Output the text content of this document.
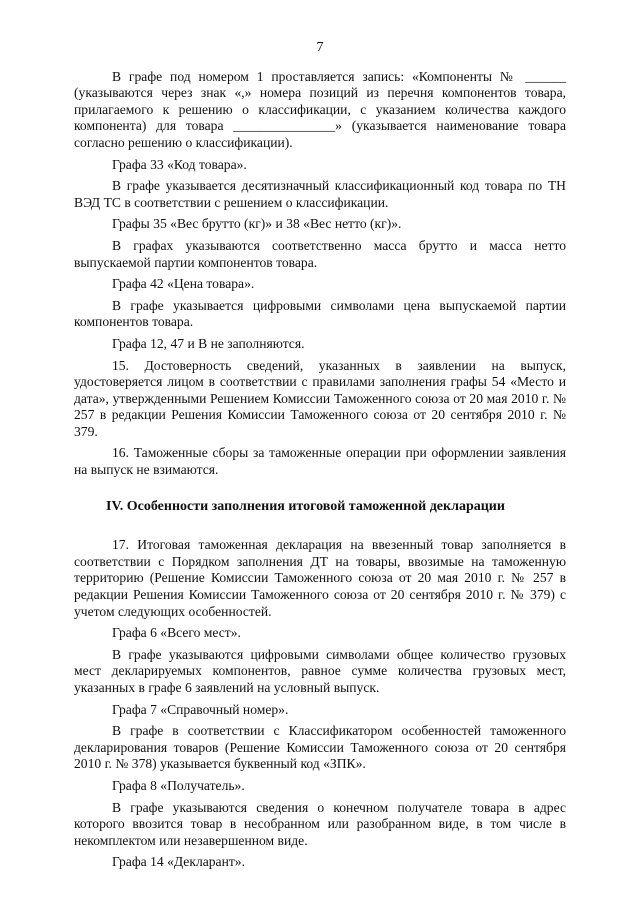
7

В графе под номером 1 проставляется запись: «Компоненты № ______ (указываются через знак «,» номера позиций из перечня компонентов товара, прилагаемого к решению о классификации, с указанием количества каждого компонента) для товара _______________» (указывается наименование товара согласно решению о классификации).

Графа 33 «Код товара».

В графе указывается десятизначный классификационный код товара по ТН ВЭД ТС в соответствии с решением о классификации.

Графы 35 «Вес брутто (кг)» и 38 «Вес нетто (кг)».

В графах указываются соответственно масса брутто и масса нетто выпускаемой партии компонентов товара.

Графа 42 «Цена товара».

В графе указывается цифровыми символами цена выпускаемой партии компонентов товара.

Графа 12, 47 и В не заполняются.

15. Достоверность сведений, указанных в заявлении на выпуск, удостоверяется лицом в соответствии с правилами заполнения графы 54 «Место и дата», утвержденными Решением Комиссии Таможенного союза от 20 мая 2010 г. № 257 в редакции Решения Комиссии Таможенного союза от 20 сентября 2010 г. № 379.

16. Таможенные сборы за таможенные операции при оформлении заявления на выпуск не взимаются.

IV. Особенности заполнения итоговой таможенной декларации

17. Итоговая таможенная декларация на ввезенный товар заполняется в соответствии с Порядком заполнения ДТ на товары, ввозимые на таможенную территорию (Решение Комиссии Таможенного союза от 20 мая 2010 г. № 257 в редакции Решения Комиссии Таможенного союза от 20 сентября 2010 г. № 379) с учетом следующих особенностей.

Графа 6 «Всего мест».

В графе указываются цифровыми символами общее количество грузовых мест декларируемых компонентов, равное сумме количества грузовых мест, указанных в графе 6 заявлений на условный выпуск.

Графа 7 «Справочный номер».

В графе в соответствии с Классификатором особенностей таможенного декларирования товаров (Решение Комиссии Таможенного союза от 20 сентября 2010 г. № 378) указывается буквенный код «ЗПК».

Графа 8 «Получатель».

В графе указываются сведения о конечном получателе товара в адрес которого ввозится товар в несобранном или разобранном виде, в том числе в некомплектом или незавершенном виде.

Графа 14 «Декларант».
